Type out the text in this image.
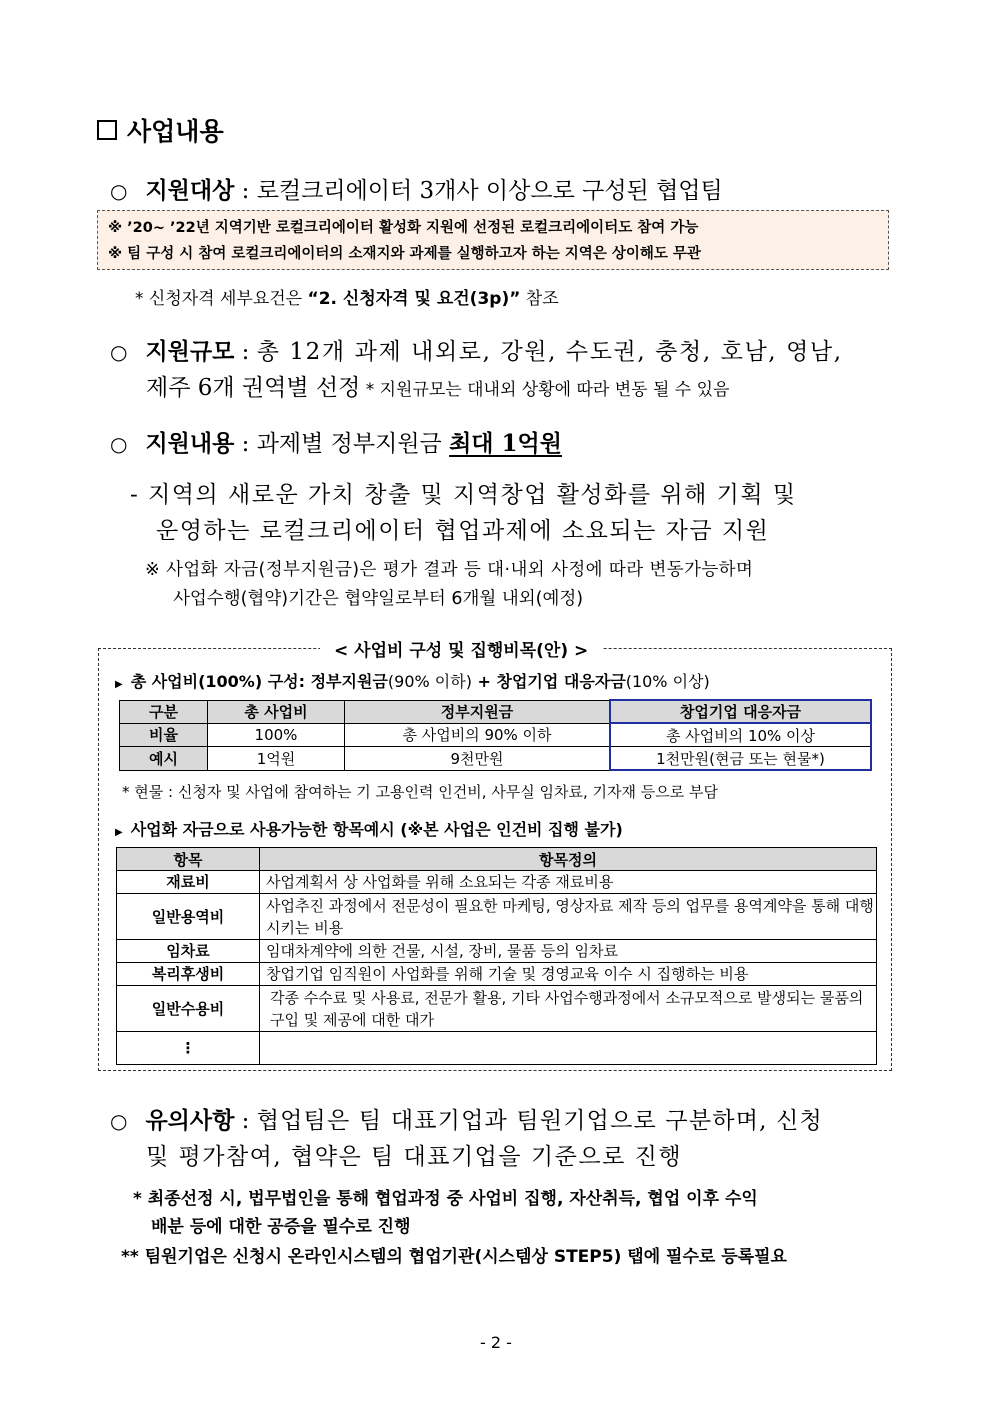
사업내용
○ 지원대상 : 로컬크리에이터 3개사 이상으로 구성된 협업팀
※ ’20~ ’22년 지역기반 로컬크리에이터 활성화 지원에 선정된 로컬크리에이터도 참여 가능
※ 팀 구성 시 참여 로컬크리에이터의 소재지와 과제를 실행하고자 하는 지역은 상이해도 무관
* 신청자격 세부요건은 “2. 신청자격 및 요건(3p)” 참조
○ 지원규모 : 총 12개 과제 내외로, 강원, 수도권, 충청, 호남, 영남,
제주 6개 권역별 선정 * 지원규모는 대내외 상황에 따라 변동 될 수 있음
○ 지원내용 : 과제별 정부지원금 최대 1억원
- 지역의 새로운 가치 창출 및 지역창업 활성화를 위해 기획 및
운영하는 로컬크리에이터 협업과제에 소요되는 자금 지원
※ 사업화 자금(정부지원금)은 평가 결과 등 대·내외 사정에 따라 변동가능하며
사업수행(협약)기간은 협약일로부터 6개월 내외(예정)
< 사업비 구성 및 집행비목(안) >
▶ 총 사업비(100%) 구성: 정부지원금(90% 이하) + 창업기업 대응자금(10% 이상)
구분	총 사업비	정부지원금	창업기업 대응자금
비율	100%	총 사업비의 90% 이하	총 사업비의 10% 이상
예시	1억원	9천만원	1천만원(현금 또는 현물*)
* 현물 : 신청자 및 사업에 참여하는 기 고용인력 인건비, 사무실 임차료, 기자재 등으로 부담
▶ 사업화 자금으로 사용가능한 항목예시 (※본 사업은 인건비 집행 불가)
항목	항목정의
재료비	사업계획서 상 사업화를 위해 소요되는 각종 재료비용
일반용역비	사업추진 과정에서 전문성이 필요한 마케팅, 영상자료 제작 등의 업무를 용역계약을 통해 대행시키는 비용
임차료	임대차계약에 의한 건물, 시설, 장비, 물품 등의 임차료
복리후생비	창업기업 임직원이 사업화를 위해 기술 및 경영교육 이수 시 집행하는 비용
일반수용비	각종 수수료 및 사용료, 전문가 활용, 기타 사업수행과정에서 소규모적으로 발생되는 물품의 구입 및 제공에 대한 대가
⋮	
○ 유의사항 : 협업팀은 팀 대표기업과 팀원기업으로 구분하며, 신청
및 평가참여, 협약은 팀 대표기업을 기준으로 진행
* 최종선정 시, 법무법인을 통해 협업과정 중 사업비 집행, 자산취득, 협업 이후 수익
배분 등에 대한 공증을 필수로 진행
** 팀원기업은 신청시 온라인시스템의 협업기관(시스템상 STEP5) 탭에 필수로 등록필요
- 2 -
